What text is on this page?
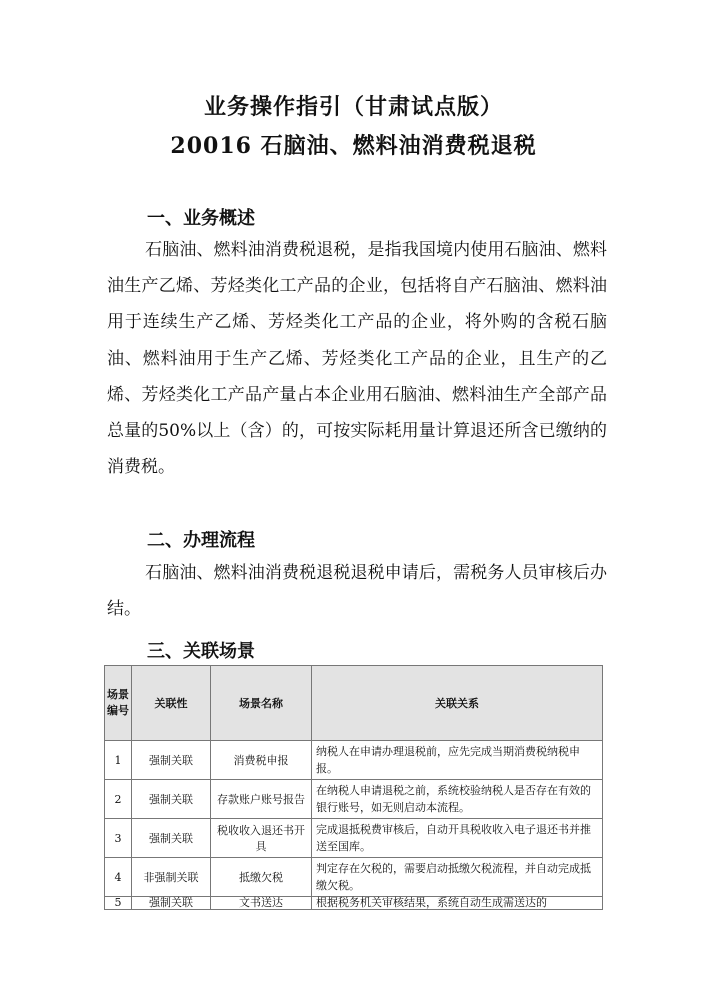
业务操作指引（甘肃试点版）
20016 石脑油、燃料油消费税退税
一、业务概述

石脑油、燃料油消费税退税，是指我国境内使用石脑油、燃料油生产乙烯、芳烃类化工产品的企业，包括将自产石脑油、燃料油用于连续生产乙烯、芳烃类化工产品的企业，将外购的含税石脑油、燃料油用于生产乙烯、芳烃类化工产品的企业，且生产的乙烯、芳烃类化工产品产量占本企业用石脑油、燃料油生产全部产品总量的50%以上（含）的，可按实际耗用量计算退还所含已缴纳的消费税。

二、办理流程

石脑油、燃料油消费税退税退税申请后，需税务人员审核后办结。

三、关联场景
场景编号	关联性	场景名称	关联关系
1	强制关联	消费税申报	纳税人在申请办理退税前，应先完成当期消费税纳税申报。
2	强制关联	存款账户账号报告	在纳税人申请退税之前，系统校验纳税人是否存在有效的银行账号，如无则启动本流程。
3	强制关联	税收收入退还书开具	完成退抵税费审核后，自动开具税收收入电子退还书并推送至国库。
4	非强制关联	抵缴欠税	判定存在欠税的，需要启动抵缴欠税流程，并自动完成抵缴欠税。
5	强制关联	文书送达	根据税务机关审核结果，系统自动生成需送达的
